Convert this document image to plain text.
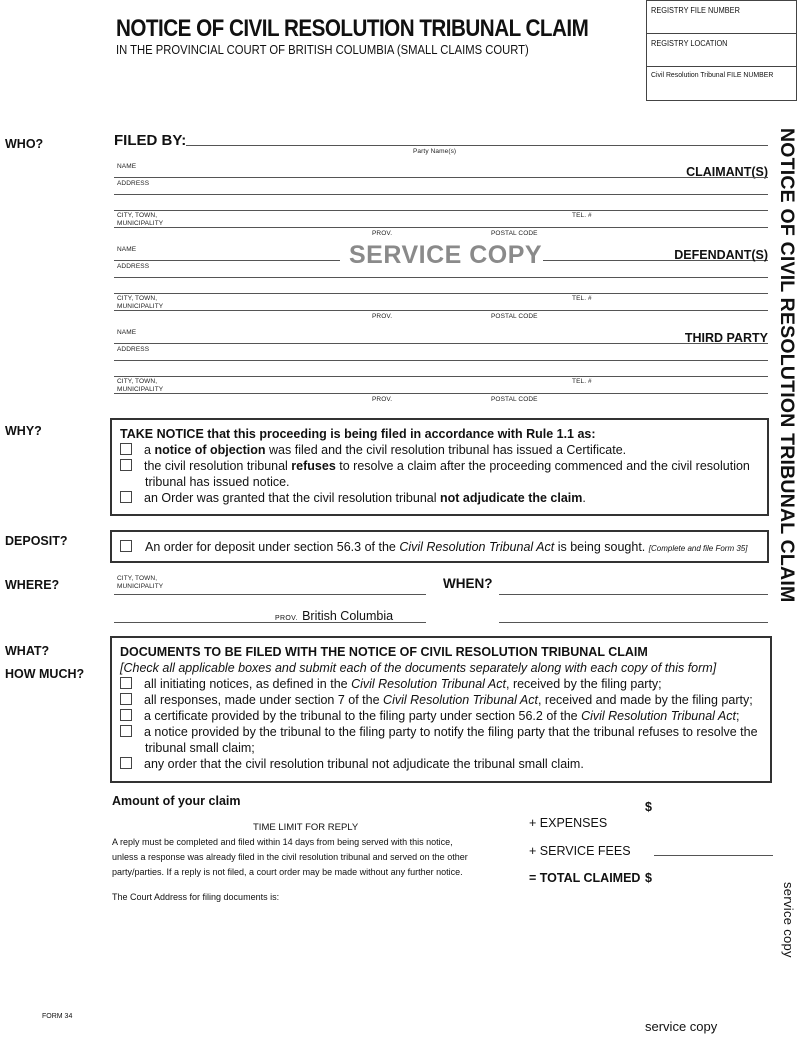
NOTICE OF CIVIL RESOLUTION TRIBUNAL CLAIM
IN THE PROVINCIAL COURT OF BRITISH COLUMBIA (SMALL CLAIMS COURT)
REGISTRY FILE NUMBER
REGISTRY LOCATION
Civil Resolution Tribunal FILE NUMBER
WHO?
WHY?
DEPOSIT?
WHERE?
WHAT?
HOW MUCH?
NOTICE OF CIVIL RESOLUTION TRIBUNAL CLAIM
FILED BY:
Party Name(s)
NAME	CLAIMANT(S)
ADDRESS
CITY, TOWN,
MUNICIPALITY
TEL. #
PROV.	POSTAL CODE
NAME	SERVICE COPY	DEFENDANT(S)
ADDRESS
CITY, TOWN,
MUNICIPALITY
TEL. #
PROV.	POSTAL CODE
NAME	THIRD PARTY
ADDRESS
CITY, TOWN,
MUNICIPALITY
TEL. #
PROV.	POSTAL CODE
TAKE NOTICE that this proceeding is being filed in accordance with Rule 1.1 as:
a notice of objection was filed and the civil resolution tribunal has issued a Certificate.
the civil resolution tribunal refuses to resolve a claim after the proceeding commenced and the civil resolution tribunal has issued notice.
an Order was granted that the civil resolution tribunal not adjudicate the claim.
An order for deposit under section 56.3 of the Civil Resolution Tribunal Act is being sought. [Complete and file Form 35]
CITY, TOWN,
MUNICIPALITY
PROV. British Columbia
WHEN?
DOCUMENTS TO BE FILED WITH THE NOTICE OF CIVIL RESOLUTION TRIBUNAL CLAIM
[Check all applicable boxes and submit each of the documents separately along with each copy of this form]
all initiating notices, as defined in the Civil Resolution Tribunal Act, received by the filing party;
all responses, made under section 7 of the Civil Resolution Tribunal Act, received and made by the filing party;
a certificate provided by the tribunal to the filing party under section 56.2 of the Civil Resolution Tribunal Act;
a notice provided by the tribunal to the filing party to notify the filing party that the tribunal refuses to resolve the tribunal small claim;
any order that the civil resolution tribunal not adjudicate the tribunal small claim.
Amount of your claim	$
+ EXPENSES
+ SERVICE FEES
= TOTAL CLAIMED $
TIME LIMIT FOR REPLY
A reply must be completed and filed within 14 days from being served with this notice,
unless a response was already filed in the civil resolution tribunal and served on the other
party/parties. If a reply is not filed, a court order may be made without any further notice.
The Court Address for filing documents is:
FORM 34
service copy
service copy
